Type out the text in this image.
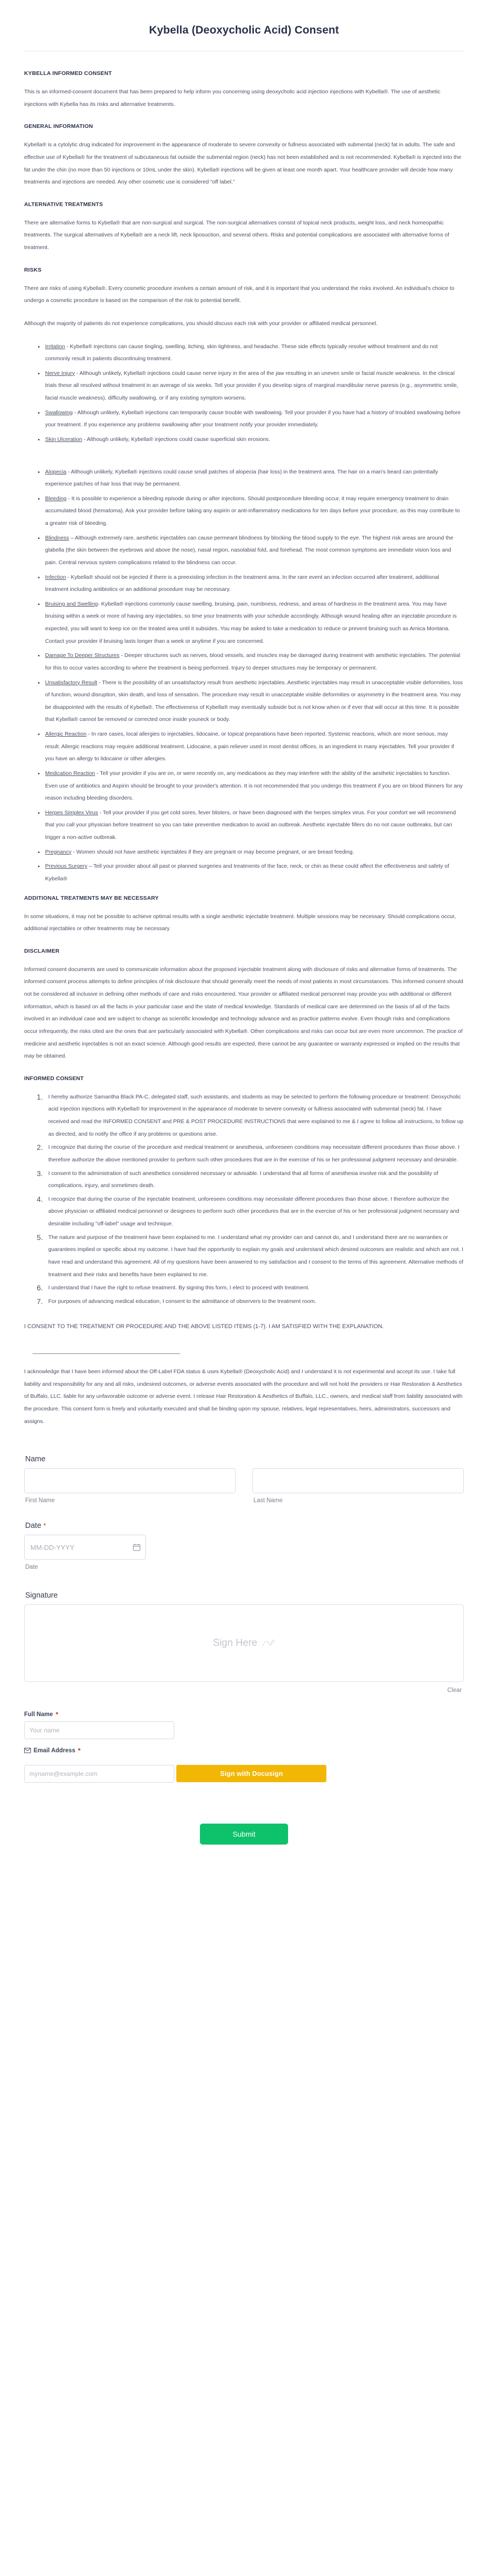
Kybella (Deoxycholic Acid) Consent
KYBELLA INFORMED CONSENT

This is an informed-consent document that has been prepared to help inform you concerning using deoxycholic acid injection injections with Kybella®. The use of aesthetic injections with Kybella has its risks and alternative treatments.

GENERAL INFORMATION

Kybella® is a cytolytic drug indicated for improvement in the appearance of moderate to severe convexity or fullness associated with submental (neck) fat in adults. The safe and effective use of Kybella® for the treatment of subcutaneous fat outside the submental region (neck) has not been established and is not recommended. Kybella® is injected into the fat under the chin (no more than 50 injections or 10mL under the skin). Kybella® injections will be given at least one month apart. Your healthcare provider will decide how many treatments and injections are needed. Any other cosmetic use is considered “off label.”

ALTERNATIVE TREATMENTS

There are alternative forms to Kybella® that are non-surgical and surgical. The non-surgical alternatives consist of topical neck products, weight loss, and neck homeopathic treatments. The surgical alternatives of Kybella® are a neck lift, neck liposuction, and several others. Risks and potential complications are associated with alternative forms of treatment.

RISKS

There are risks of using Kybella®. Every cosmetic procedure involves a certain amount of risk, and it is important that you understand the risks involved. An individual's choice to undergo a cosmetic procedure is based on the comparison of the risk to potential benefit.

Although the majority of patients do not experience complications, you should discuss each risk with your provider or affiliated medical personnel.

• Irritation - Kybella® injections can cause tingling, swelling, itching, skin tightness, and headache. These side effects typically resolve without treatment and do not commonly result in patients discontinuing treatment.
• Nerve Injury - Although unlikely, Kybella® injections could cause nerve injury in the area of the jaw resulting in an uneven smile or facial muscle weakness. In the clinical trials these all resolved without treatment in an average of six weeks. Tell your provider if you develop signs of marginal mandibular nerve paresis (e.g., asymmetric smile, facial muscle weakness), difficulty swallowing, or if any existing symptom worsens.
• Swallowing - Although unlikely, Kybella® injections can temporarily cause trouble with swallowing. Tell your provider if you have had a history of troubled swallowing before your treatment. If you experience any problems swallowing after your treatment notify your provider immediately.
• Skin Ulceration - Although unlikely, Kybella® injections could cause superficial skin erosions.
• Alopecia - Although unlikely, Kybella® injections could cause small patches of alopecia (hair loss) in the treatment area. The hair on a man's beard can potentially experience patches of hair loss that may be permanent.
• Bleeding - It is possible to experience a bleeding episode during or after injections. Should postprocedure bleeding occur, it may require emergency treatment to drain accumulated blood (hematoma). Ask your provider before taking any aspirin or anti-inflammatory medications for ten days before your procedure, as this may contribute to a greater risk of bleeding.
• Blindness – Although extremely rare, aesthetic injectables can cause permeant blindness by blocking the blood supply to the eye. The highest risk areas are around the glabella (the skin between the eyebrows and above the nose), nasal region, nasolabial fold, and forehead. The most common symptoms are immediate vision loss and pain. Central nervous system complications related to the blindness can occur.
• Infection - Kybella® should not be injected if there is a preexisting infection in the treatment area. In the rare event an infection occurred after treatment, additional treatment including antibiotics or an additional procedure may be necessary.
• Bruising and Swelling- Kybella® injections commonly cause swelling, bruising, pain, numbness, redness, and areas of hardness in the treatment area. You may have bruising within a week or more of having any injectables, so time your treatments with your schedule accordingly. Although wound healing after an injectable procedure is expected, you will want to keep ice on the treated area until it subsides. You may be asked to take a medication to reduce or prevent bruising such as Arnica Montana. Contact your provider if bruising lasts longer than a week or anytime if you are concerned.
• Damage To Deeper Structures - Deeper structures such as nerves, blood vessels, and muscles may be damaged during treatment with aesthetic injectables. The potential for this to occur varies according to where the treatment is being performed. Injury to deeper structures may be temporary or permanent.
• Unsatisfactory Result - There is the possibility of an unsatisfactory result from aesthetic injectables. Aesthetic injectables may result in unacceptable visible deformities, loss of function, wound disruption, skin death, and loss of sensation. The procedure may result in unacceptable visible deformities or asymmetry in the treatment area. You may be disappointed with the results of Kybella®. The effectiveness of Kybella® may eventually subside but is not know when or if ever that will occur at this time. It is possible that Kybella® cannot be removed or corrected once inside youneck or body.
• Allergic Reaction - In rare cases, local allergies to injectables, lidocaine, or topical preparations have been reported. Systemic reactions, which are more serious, may result. Allergic reactions may require additional treatment. Lidocaine, a pain reliever used in most dentist offices, is an ingredient in many injectables. Tell your provider if you have an allergy to lidocaine or other allergies.
• Medication Reaction - Tell your provider if you are on, or were recently on, any medications as they may interfere with the ability of the aesthetic injectables to function. Even use of antibiotics and Aspirin should be brought to your provider's attention. It is not recommended that you undergo this treatment if you are on blood thinners for any reason including bleeding disorders.
• Herpes Simplex Virus - Tell your provider if you get cold sores, fever blisters, or have been diagnosed with the herpes simplex virus. For your comfort we will recommend that you call your physician before treatment so you can take preventive medication to avoid an outbreak. Aesthetic injectable fillers do no not cause outbreaks, but can trigger a non-active outbreak.
• Pregnancy - Women should not have aesthetic injectables if they are pregnant or may become pregnant, or are breast feeding.
• Previous Surgery – Tell your provider about all past or planned surgeries and treatments of the face, neck, or chin as these could affect the effectiveness and safety of Kybella®
ADDITIONAL TREATMENTS MAY BE NECESSARY

In some situations, it may not be possible to achieve optimal results with a single aesthetic injectable treatment. Multiple sessions may be necessary. Should complications occur, additional injectables or other treatments may be necessary

DISCLAIMER

Informed consent documents are used to communicate information about the proposed injectable treatment along with disclosure of risks and alternative forms of treatments. The informed consent process attempts to define principles of risk disclosure that should generally meet the needs of most patients in most circumstances. This informed consent should not be considered all inclusive in defining other methods of care and risks encountered. Your provider or affiliated medical personnel may provide you with additional or different information, which is based on all the facts in your particular case and the state of medical knowledge. Standards of medical care are determined on the basis of all of the facts involved in an individual case and are subject to change as scientific knowledge and technology advance and as practice patterns evolve. Even though risks and complications occur infrequently, the risks cited are the ones that are particularly associated with Kybella®. Other complications and risks can occur but are even more uncommon. The practice of medicine and aesthetic injectables is not an exact science. Although good results are expected, there cannot be any guarantee or warranty expressed or implied on the results that may be obtained.

INFORMED CONSENT
I hereby authorize Samantha Black PA-C, delegated staff, such assistants, and students as may be selected to perform the following procedure or treatment: Deoxycholic acid injection injections with Kybella® for improvement in the appearance of moderate to severe convexity or fullness associated with submental (neck) fat. I have received and read the INFORMED CONSENT and PRE & POST PROCEDURE INSTRUCTIONS that were explained to me & I agree to follow all instructions, to follow up as directed, and to notify the office if any problems or questions arise.
I recognize that during the course of the procedure and medical treatment or anesthesia, unforeseen conditions may necessitate different procedures than those above. I therefore authorize the above mentioned provider to perform such other procedures that are in the exercise of his or her professional judgment necessary and desirable.
I consent to the administration of such anesthetics considered necessary or advisable. I understand that all forms of anesthesia involve risk and the possibility of complications, injury, and sometimes death.
I recognize that during the course of the injectable treatment, unforeseen conditions may necessitate different procedures than those above. I therefore authorize the above physician or affiliated medical personnel or designees to perform such other procedures that are in the exercise of his or her professional judgment necessary and desirable including "off-label" usage and technique.
The nature and purpose of the treatment have been explained to me. I understand what my provider can and cannot do, and I understand there are no warranties or guarantees implied or specific about my outcome. I have had the opportunity to explain my goals and understand which desired outcomes are realistic and which are not. I have read and understand this agreement. All of my questions have been answered to my satisfaction and I consent to the terms of this agreement. Alternative methods of treatment and their risks and benefits have been explained to me.
I understand that I have the right to refuse treatment. By signing this form, I elect to proceed with treatment.
For purposes of advancing medical education, I consent to the admittance of observers to the treatment room.

I CONSENT TO THE TREATMENT OR PROCEDURE AND THE ABOVE LISTED ITEMS (1-7). I AM SATISFIED WITH THE EXPLANATION.

______________________________________________

I acknowledge that I have been informed about the Off-Label FDA status & uses Kybella® (Deoxycholic Acid) and I understand it is not experimental and accept its use. I take full liability and responsibility for any and all risks, undesired outcomes, or adverse events associated with the procedure and will not hold the providers or Hair Restoration & Aesthetics of Buffalo, LLC. liable for any unfavorable outcome or adverse event. I release Hair Restoration & Aesthetics of Buffalo, LLC., owners, and medical staff from liability associated with the procedure. This consent form is freely and voluntarily executed and shall be binding upon my spouse, relatives, legal representatives, heirs, administrators, successors and assigns.

Name
First Name	Last Name
Date *
MM-DD-YYYY
Date
Signature
Sign Here
Clear
Full Name *
Your name
Email Address *
myname@example.com Sign with Docusign
Submit
